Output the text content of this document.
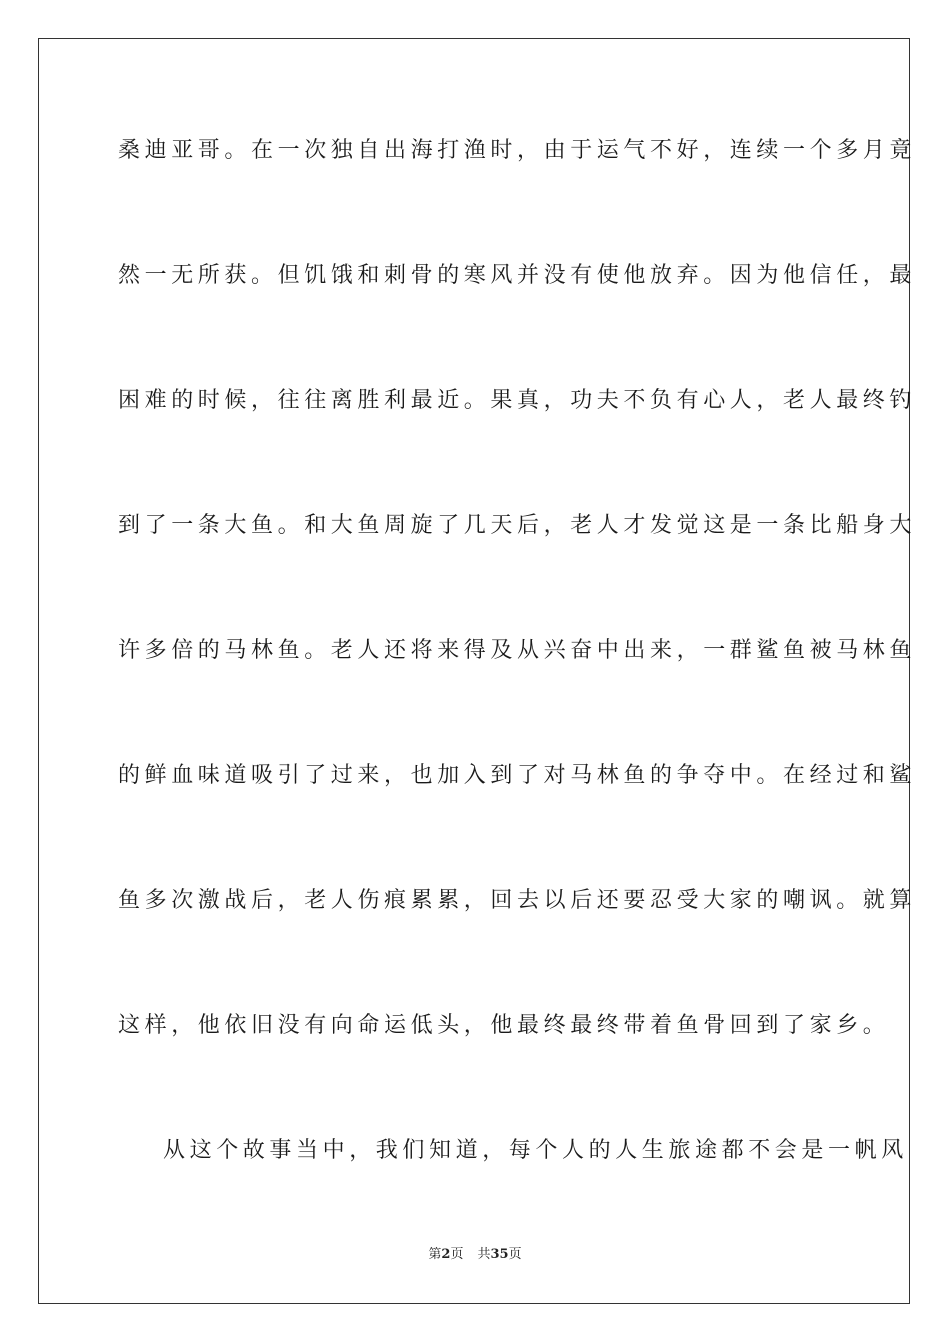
桑迪亚哥。在一次独自出海打渔时，由于运气不好，连续一个多月竟
然一无所获。但饥饿和刺骨的寒风并没有使他放弃。因为他信任，最
困难的时候，往往离胜利最近。果真，功夫不负有心人，老人最终钓
到了一条大鱼。和大鱼周旋了几天后，老人才发觉这是一条比船身大
许多倍的马林鱼。老人还将来得及从兴奋中出来，一群鲨鱼被马林鱼
的鲜血味道吸引了过来，也加入到了对马林鱼的争夺中。在经过和鲨
鱼多次激战后，老人伤痕累累，回去以后还要忍受大家的嘲讽。就算
这样，他依旧没有向命运低头，他最终最终带着鱼骨回到了家乡。
从这个故事当中，我们知道，每个人的人生旅途都不会是一帆风
第2页 共35页
